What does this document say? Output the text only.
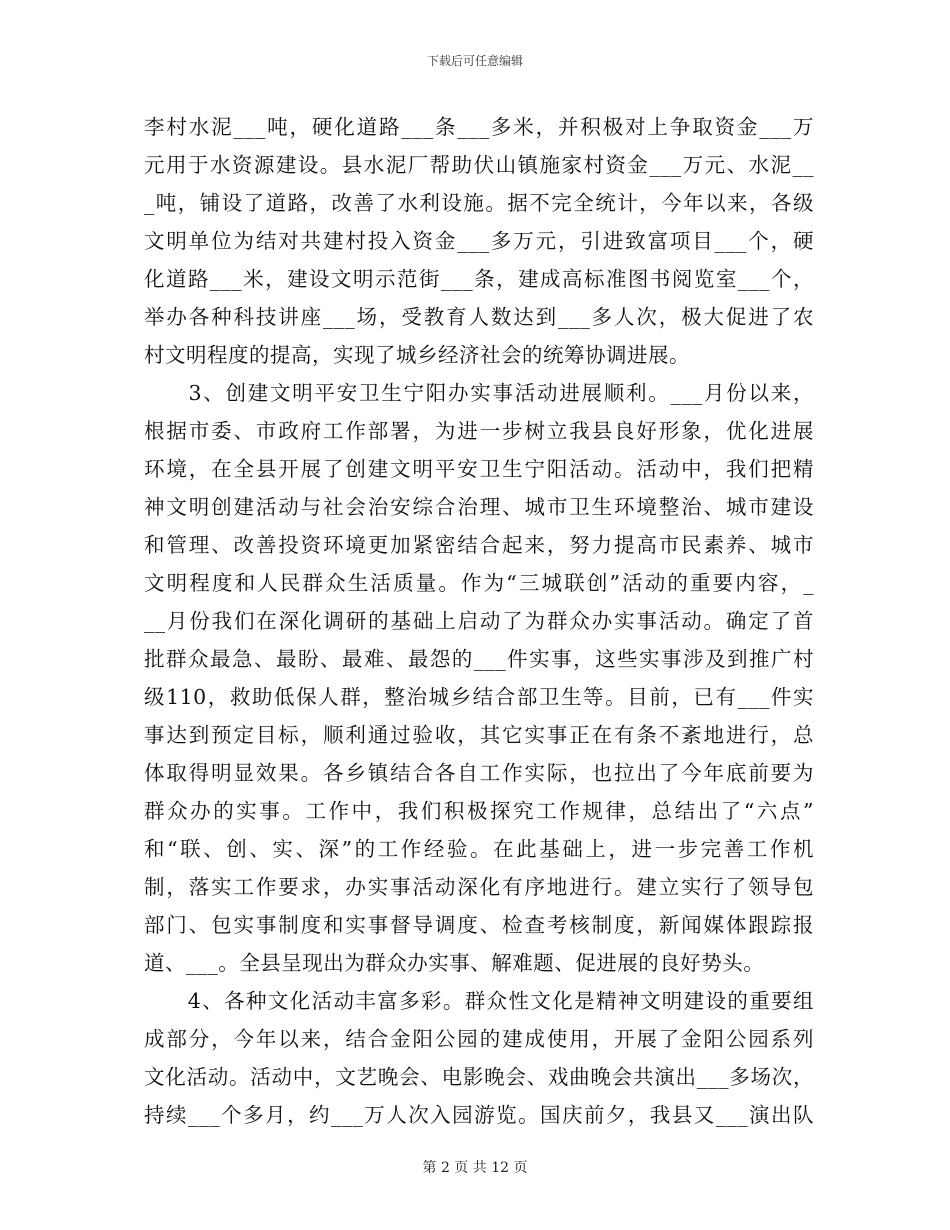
下载后可任意编辑
李村水泥___吨，硬化道路___条___多米，并积极对上争取资金___万
元用于水资源建设。县水泥厂帮助伏山镇施家村资金___万元、水泥__
_吨，铺设了道路，改善了水利设施。据不完全统计，今年以来，各级
文明单位为结对共建村投入资金___多万元，引进致富项目___个，硬
化道路___米，建设文明示范街___条，建成高标准图书阅览室___个，
举办各种科技讲座___场，受教育人数达到___多人次，极大促进了农
村文明程度的提高，实现了城乡经济社会的统筹协调进展。
　　3、创建文明平安卫生宁阳办实事活动进展顺利。___月份以来，
根据市委、市政府工作部署，为进一步树立我县良好形象，优化进展
环境，在全县开展了创建文明平安卫生宁阳活动。活动中，我们把精
神文明创建活动与社会治安综合治理、城市卫生环境整治、城市建设
和管理、改善投资环境更加紧密结合起来，努力提高市民素养、城市
文明程度和人民群众生活质量。作为“三城联创”活动的重要内容，_
__月份我们在深化调研的基础上启动了为群众办实事活动。确定了首
批群众最急、最盼、最难、最怨的___件实事，这些实事涉及到推广村
级110，救助低保人群，整治城乡结合部卫生等。目前，已有___件实
事达到预定目标，顺利通过验收，其它实事正在有条不紊地进行，总
体取得明显效果。各乡镇结合各自工作实际，也拉出了今年底前要为
群众办的实事。工作中，我们积极探究工作规律，总结出了“六点”
和“联、创、实、深”的工作经验。在此基础上，进一步完善工作机
制，落实工作要求，办实事活动深化有序地进行。建立实行了领导包
部门、包实事制度和实事督导调度、检查考核制度，新闻媒体跟踪报
道、___。全县呈现出为群众办实事、解难题、促进展的良好势头。
　　4、各种文化活动丰富多彩。群众性文化是精神文明建设的重要组
成部分，今年以来，结合金阳公园的建成使用，开展了金阳公园系列
文化活动。活动中，文艺晚会、电影晚会、戏曲晚会共演出___多场次，
持续___个多月，约___万人次入园游览。国庆前夕，我县又___演出队
第 2 页 共 12 页
